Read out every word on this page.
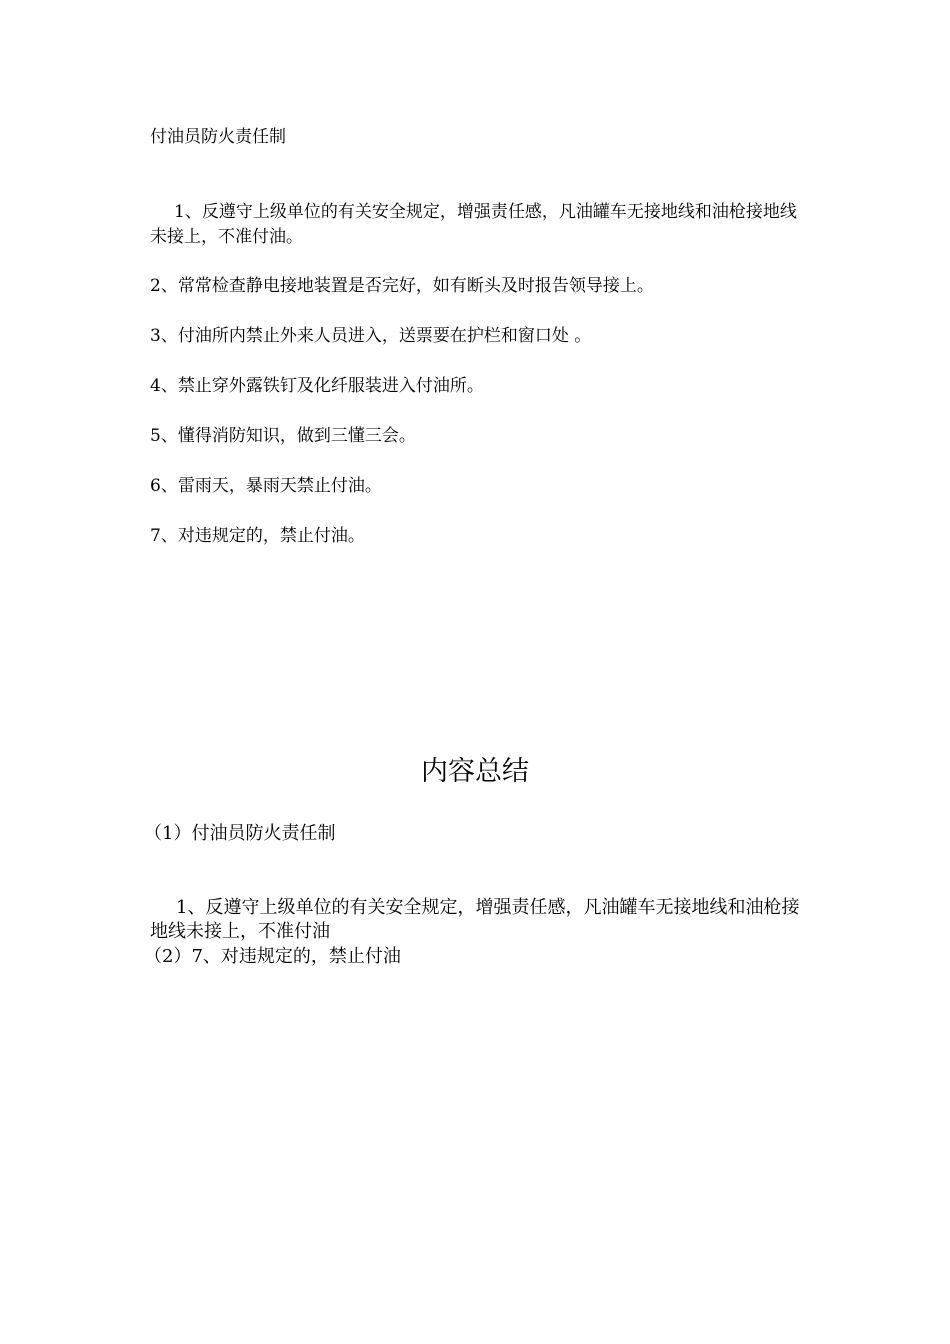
付油员防火责任制

1、反遵守上级单位的有关安全规定，增强责任感，凡油罐车无接地线和油枪接地线未接上，不准付油。

2、常常检查静电接地装置是否完好，如有断头及时报告领导接上。

3、付油所内禁止外来人员进入，送票要在护栏和窗口处 。

4、禁止穿外露铁钉及化纤服装进入付油所。

5、懂得消防知识，做到三懂三会。

6、雷雨天，暴雨天禁止付油。

7、对违规定的，禁止付油。

内容总结

（1）付油员防火责任制

1、反遵守上级单位的有关安全规定，增强责任感，凡油罐车无接地线和油枪接地线未接上，不准付油

（2）7、对违规定的，禁止付油
